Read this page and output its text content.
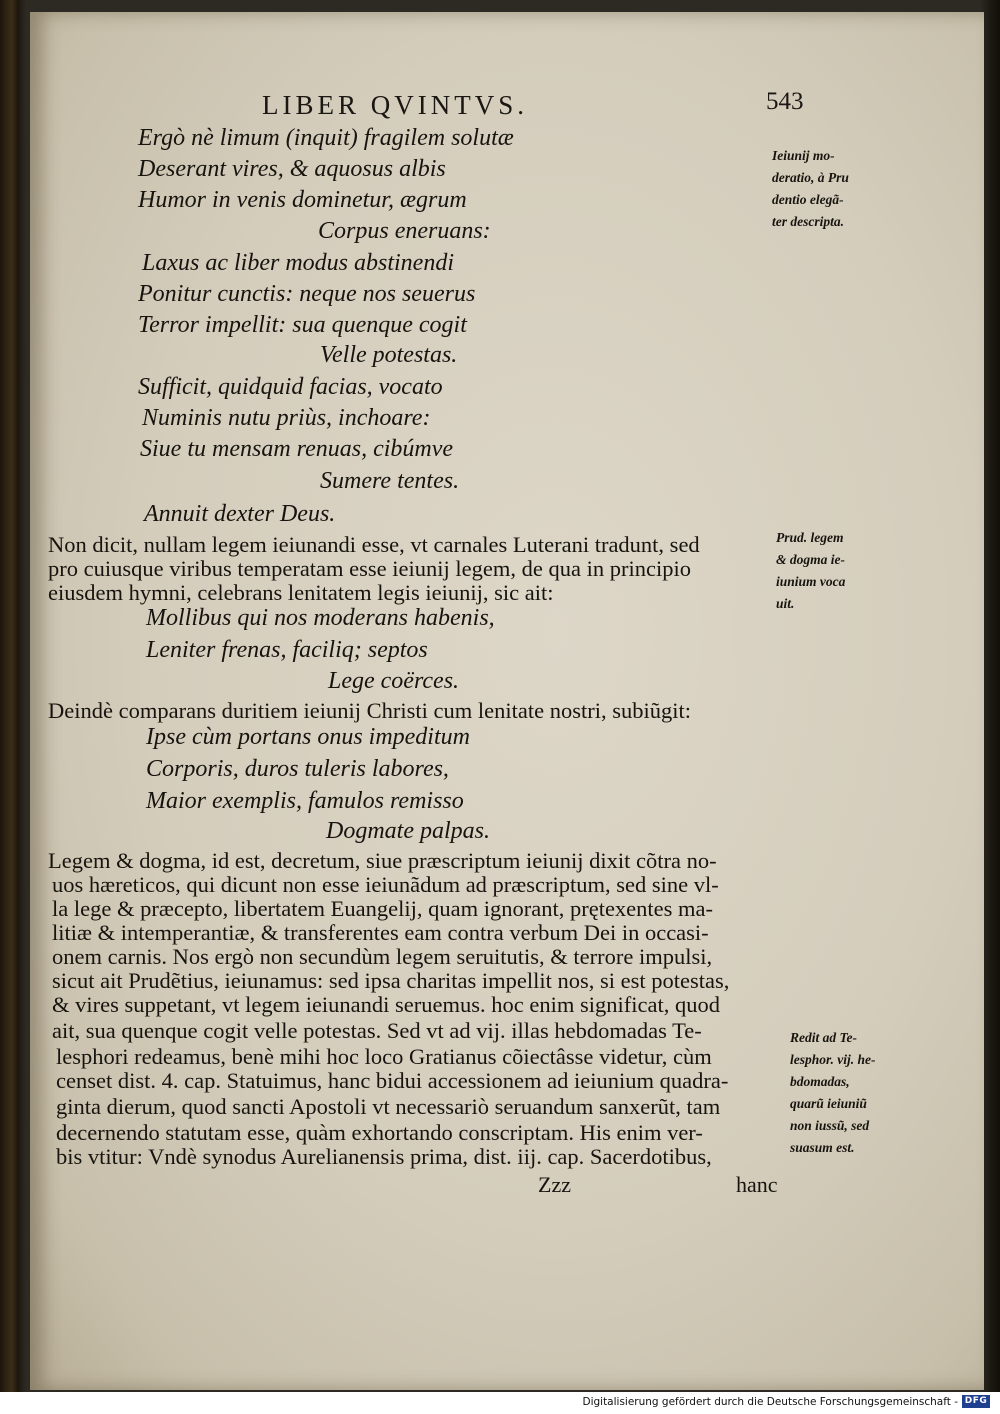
LIBER QVINTVS.	543
Ergò nè limum (inquit) fragilem solutæ
Deserant vires, & aquosus albis
Humor in venis dominetur, ægrum
Corpus eneruans:
Laxus ac liber modus abstinendi
Ponitur cunctis: neque nos seuerus
Terror impellit: sua quenque cogit
Velle potestas.
Sufficit, quidquid facias, vocato
Numinis nutu priùs, inchoare:
Siue tu mensam renuas, cibúmve
Sumere tentes.
Annuit dexter Deus.
Non dicit, nullam legem ieiunandi esse, vt carnales Luterani tradunt, sed
pro cuiusque viribus temperatam esse ieiunij legem, de qua in principio
eiusdem hymni, celebrans lenitatem legis ieiunij, sic ait:
Mollibus qui nos moderans habenis,
Leniter frenas, faciliq; septos
Lege coërces.
Deindè comparans duritiem ieiunij Christi cum lenitate nostri, subiũgit:
Ipse cùm portans onus impeditum
Corporis, duros tuleris labores,
Maior exemplis, famulos remisso
Dogmate palpas.
Legem & dogma, id est, decretum, siue præscriptum ieiunij dixit cõtra no-
uos hæreticos, qui dicunt non esse ieiunãdum ad præscriptum, sed sine vl-
la lege & præcepto, libertatem Euangelij, quam ignorant, prętexentes ma-
litiæ & intemperantiæ, & transferentes eam contra verbum Dei in occasi-
onem carnis. Nos ergò non secundùm legem seruitutis, & terrore impulsi,
sicut ait Prudẽtius, ieiunamus: sed ipsa charitas impellit nos, si est potestas,
& vires suppetant, vt legem ieiunandi seruemus. hoc enim significat, quod
ait, sua quenque cogit velle potestas. Sed vt ad vij. illas hebdomadas Te-
lesphori redeamus, benè mihi hoc loco Gratianus cõiectâsse videtur, cùm
censet dist. 4. cap. Statuimus, hanc bidui accessionem ad ieiunium quadra-
ginta dierum, quod sancti Apostoli vt necessariò seruandum sanxerũt, tam
decernendo statutam esse, quàm exhortando conscriptam. His enim ver-
bis vtitur: Vndè synodus Aurelianensis prima, dist. iij. cap. Sacerdotibus,
Ieiunij mo-
deratio, à Pru
dentio elegã-
ter descripta.
Prud. legem
& dogma ie-
iunium voca
uit.
Redit ad Te-
lesphor. vij. he-
bdomadas,
quarũ ieiuniũ
non iussũ, sed
suasum est.
Zzz	hanc
Digitalisierung gefördert durch die Deutsche Forschungsgemeinschaft - DFG
